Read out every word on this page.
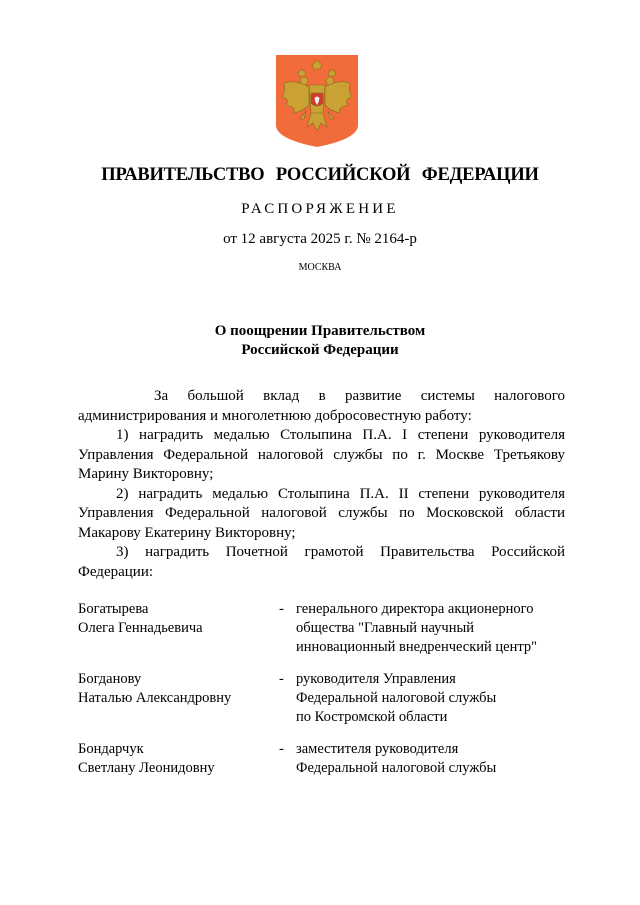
ПРАВИТЕЛЬСТВО РОССИЙСКОЙ ФЕДЕРАЦИИ
РАСПОРЯЖЕНИЕ
от 12 августа 2025 г. № 2164-р
МОСКВА
О поощрении Правительством
Российской Федерации
За большой вклад в развитие системы налогового
администрирования и многолетнюю добросовестную работу:
1) наградить медалью Столыпина П.А. I степени руководителя
Управления Федеральной налоговой службы по г. Москве Третьякову
Марину Викторовну;
2) наградить медалью Столыпина П.А. II степени руководителя
Управления Федеральной налоговой службы по Московской области
Макарову Екатерину Викторовну;
3) наградить Почетной грамотой Правительства Российской
Федерации:
Богатырева
Олега Геннадьевича
- генерального директора акционерного
общества "Главный научный
инновационный внедренческий центр"
Богданову
Наталью Александровну
- руководителя Управления
Федеральной налоговой службы
по Костромской области
Бондарчук
Светлану Леонидовну
- заместителя руководителя
Федеральной налоговой службы
